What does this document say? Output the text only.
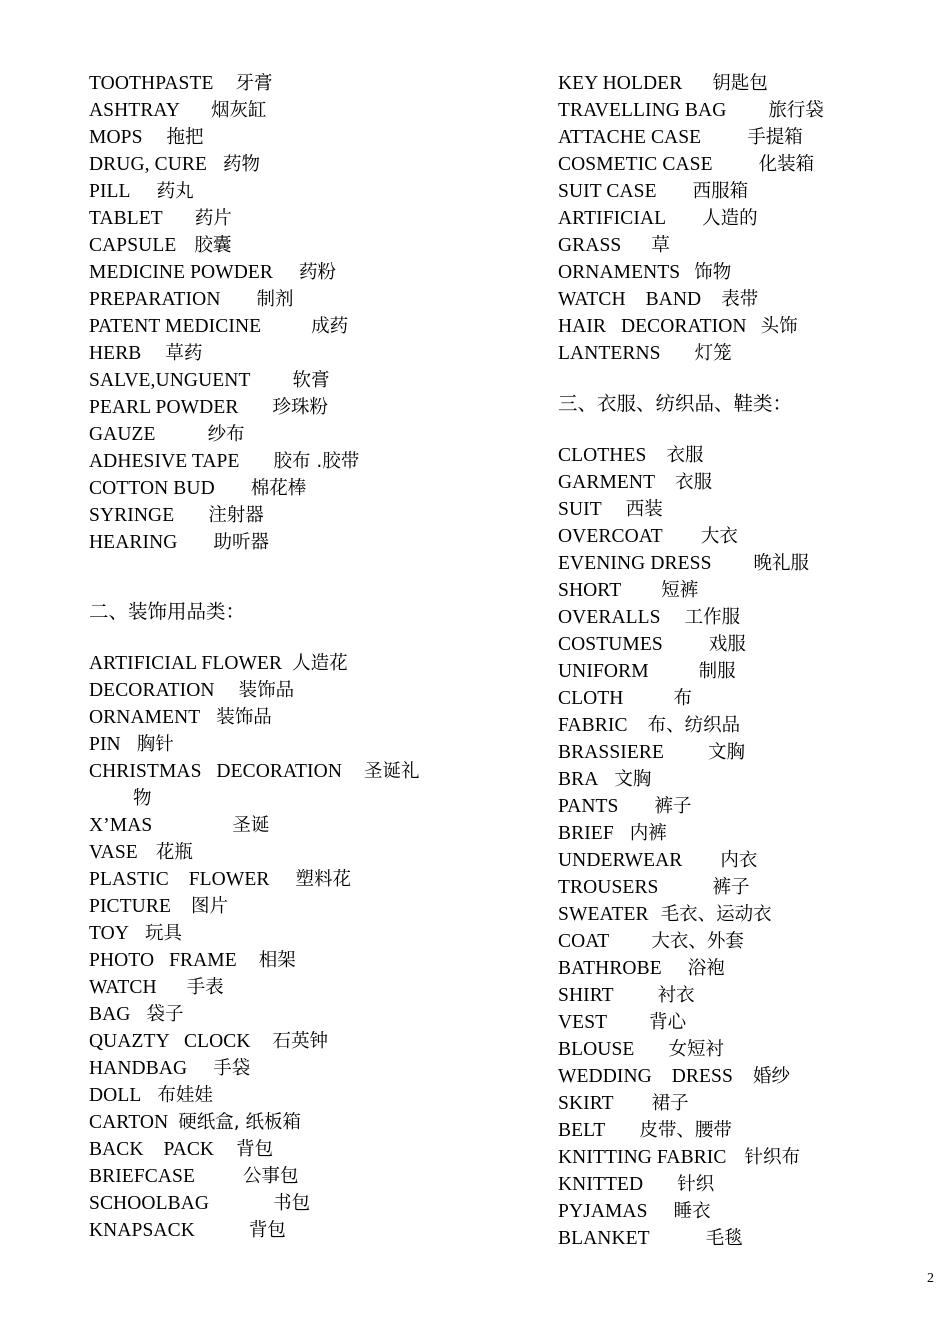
TOOTHPASTE 牙膏
ASHTRAY 烟灰缸
MOPS 拖把
DRUG, CURE 药物
PILL 药丸
TABLET 药片
CAPSULE 胶囊
MEDICINE POWDER 药粉
PREPARATION 制剂
PATENT MEDICINE	成药
HERB 草药
SALVE,UNGUENT 软膏
PEARL POWDER 珍珠粉
GAUZE	纱布
ADHESIVE TAPE 胶布 .胶带
COTTON BUD 棉花棒
SYRINGE 注射器
HEARING 助听器
二、装饰用品类：
ARTIFICIAL FLOWER 人造花
DECORATION 装饰品
ORNAMENT 装饰品
PIN 胸针
CHRISTMAS   DECORATION 圣诞礼
物
X’MAS	圣诞
VASE 花瓶
PLASTIC    FLOWER 塑料花
PICTURE 图片
TOY 玩具
PHOTO   FRAME 相架
WATCH 手表
BAG 袋子
QUAZTY   CLOCK 石英钟
HANDBAG 手袋
DOLL 布娃娃
CARTON 硬纸盒, 纸板箱
BACK    PACK 背包
BRIEFCASE	公事包
SCHOOLBAG	书包
KNAPSACK	背包
KEY HOLDER 钥匙包
TRAVELLING BAG 旅行袋
ATTACHE CASE 手提箱
COSMETIC CASE 化装箱
SUIT CASE 西服箱
ARTIFICIAL 人造的
GRASS 草
ORNAMENTS 饰物
WATCH    BAND 表带
HAIR   DECORATION 头饰
LANTERNS 灯笼
三、衣服、纺织品、鞋类：
CLOTHES 衣服
GARMENT 衣服
SUIT 西装
OVERCOAT 大衣
EVENING DRESS 晚礼服
SHORT 短裤
OVERALLS 工作服
COSTUMES 戏服
UNIFORM	制服
CLOTH	布
FABRIC 布、纺织品
BRASSIERE 文胸
BRA 文胸
PANTS 裤子
BRIEF 内裤
UNDERWEAR 内衣
TROUSERS	裤子
SWEATER 毛衣、运动衣
COAT 大衣、外套
BATHROBE 浴袍
SHIRT 衬衣
VEST 背心
BLOUSE 女短衬
WEDDING    DRESS 婚纱
SKIRT 裙子
BELT 皮带、腰带
KNITTING FABRIC 针织布
KNITTED 针织
PYJAMAS 睡衣
BLANKET	毛毯
2
